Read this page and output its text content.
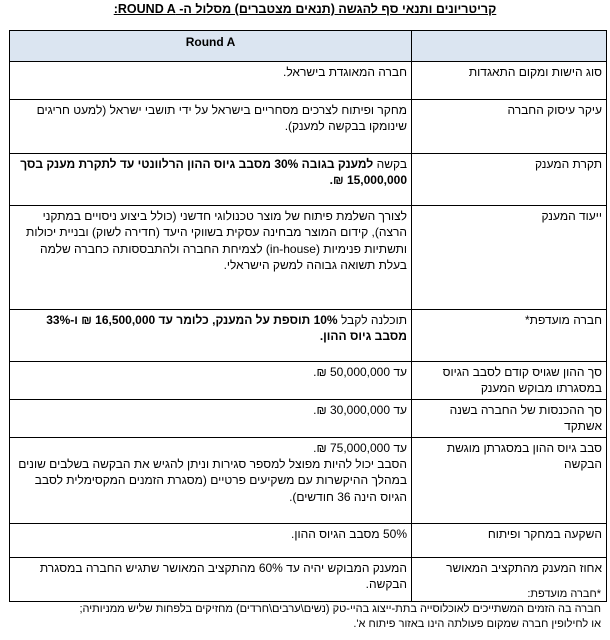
קריטריונים ותנאי סף להגשה (תנאים מצטברים) מסלול ה- ROUND A:
	Round A
סוג הישות ומקום התאגדות	חברה המאוגדת בישראל.
עיקר עיסוק החברה	מחקר ופיתוח לצרכים מסחריים בישראל על ידי תושבי ישראל (למעט חריגים שינומקו בבקשה למענק).
תקרת המענק	בקשה למענק בגובה 30% מסבב גיוס ההון הרלוונטי עד לתקרת מענק בסך 15,000,000 ₪.
ייעוד המענק	לצורך השלמת פיתוח של מוצר טכנולוגי חדשני (כולל ביצוע ניסויים במתקני הרצה), קידום המוצר מבחינה עסקית בשווקי היעד (חדירה לשוק) ובניית יכולות ותשתיות פנימיות (in-house) לצמיחת החברה ולהתבססותה כחברה שלמה בעלת תשואה גבוהה למשק הישראלי.
חברה מועדפת*	תוכלנה לקבל 10% תוספת על המענק, כלומר עד 16,500,000 ₪ ו-33% מסבב גיוס ההון.
סך ההון שגויס קודם לסבב הגיוס במסגרתו מבוקש המענק	עד 50,000,000 ₪.
סך ההכנסות של החברה בשנה אשתקד	עד 30,000,000 ₪.
סבב גיוס ההון במסגרתן מוגשת הבקשה	עד 75,000,000 ₪.
הסבב יכול להיות מפוצל למספר סגירות וניתן להגיש את הבקשה בשלבים שונים במהלך ההיקשרות עם משקיעים פרטיים (מסגרת הזמנים המקסימלית לסבב הגיוס הינה 36 חודשים).

השקעה במחקר ופיתוח	50% מסבב הגיוס ההון.
אחוז המענק מהתקציב המאושר	המענק המבוקש יהיה עד 60% מהתקציב המאושר שתגיש החברה במסגרת הבקשה.
*חברה מועדפת:
חברה בה הזמים המשתייכים לאוכלוסייה בתת-ייצוג בהיי-טק (נשים\ערבים\חרדים) מחזיקים בלפחות שליש ממניותיה;
או לחילופין חברה שמקום פעולתה הינו באזור פיתוח א'.
